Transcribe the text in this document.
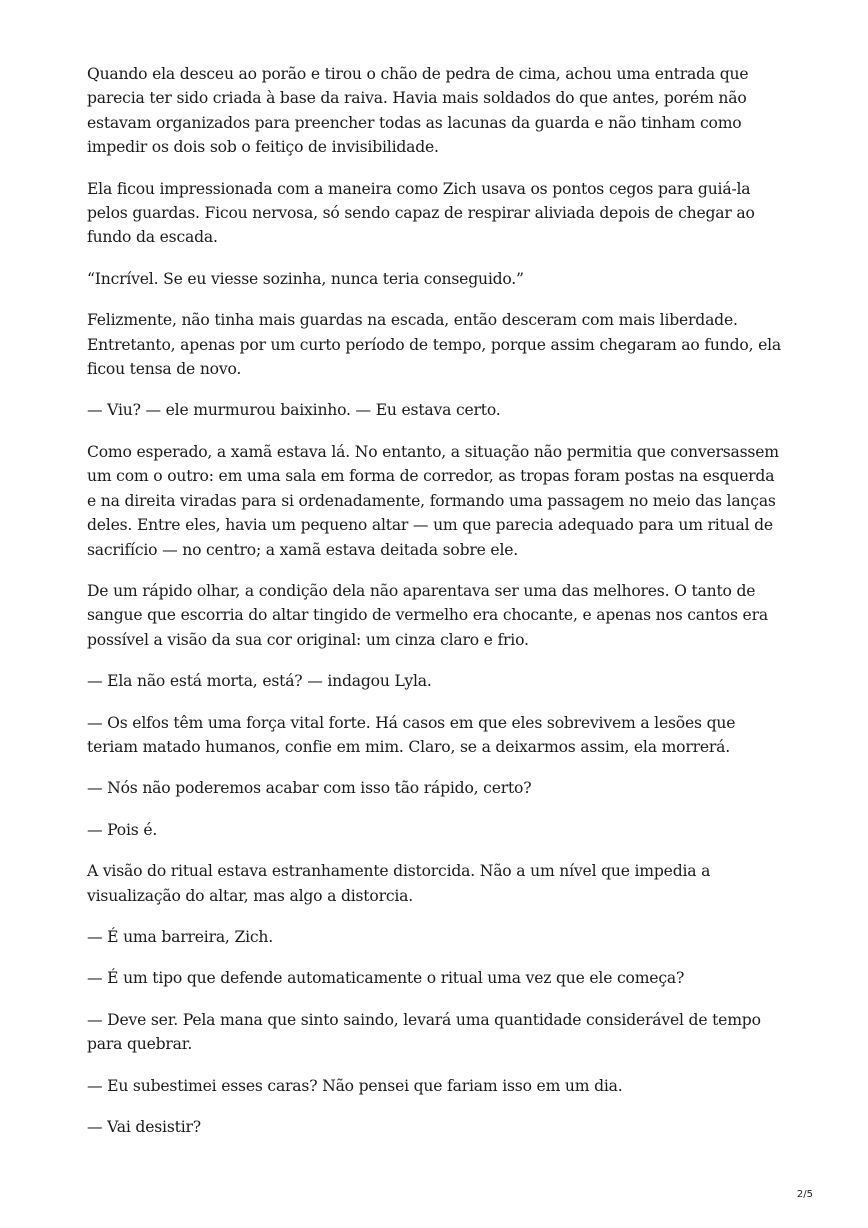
Quando ela desceu ao porão e tirou o chão de pedra de cima, achou uma entrada que parecia ter sido criada à base da raiva. Havia mais soldados do que antes, porém não estavam organizados para preencher todas as lacunas da guarda e não tinham como impedir os dois sob o feitiço de invisibilidade.

Ela ficou impressionada com a maneira como Zich usava os pontos cegos para guiá-la pelos guardas. Ficou nervosa, só sendo capaz de respirar aliviada depois de chegar ao fundo da escada.

“Incrível. Se eu viesse sozinha, nunca teria conseguido.”

Felizmente, não tinha mais guardas na escada, então desceram com mais liberdade. Entretanto, apenas por um curto período de tempo, porque assim chegaram ao fundo, ela ficou tensa de novo.

— Viu? — ele murmurou baixinho. — Eu estava certo.

Como esperado, a xamã estava lá. No entanto, a situação não permitia que conversassem um com o outro: em uma sala em forma de corredor, as tropas foram postas na esquerda e na direita viradas para si ordenadamente, formando uma passagem no meio das lanças deles. Entre eles, havia um pequeno altar — um que parecia adequado para um ritual de sacrifício — no centro; a xamã estava deitada sobre ele.

De um rápido olhar, a condição dela não aparentava ser uma das melhores. O tanto de sangue que escorria do altar tingido de vermelho era chocante, e apenas nos cantos era possível a visão da sua cor original: um cinza claro e frio.

— Ela não está morta, está? — indagou Lyla.

— Os elfos têm uma força vital forte. Há casos em que eles sobrevivem a lesões que teriam matado humanos, confie em mim. Claro, se a deixarmos assim, ela morrerá.

— Nós não poderemos acabar com isso tão rápido, certo?

— Pois é.

A visão do ritual estava estranhamente distorcida. Não a um nível que impedia a visualização do altar, mas algo a distorcia.

— É uma barreira, Zich.

— É um tipo que defende automaticamente o ritual uma vez que ele começa?

— Deve ser. Pela mana que sinto saindo, levará uma quantidade considerável de tempo para quebrar.

— Eu subestimei esses caras? Não pensei que fariam isso em um dia.

— Vai desistir?

2/5
